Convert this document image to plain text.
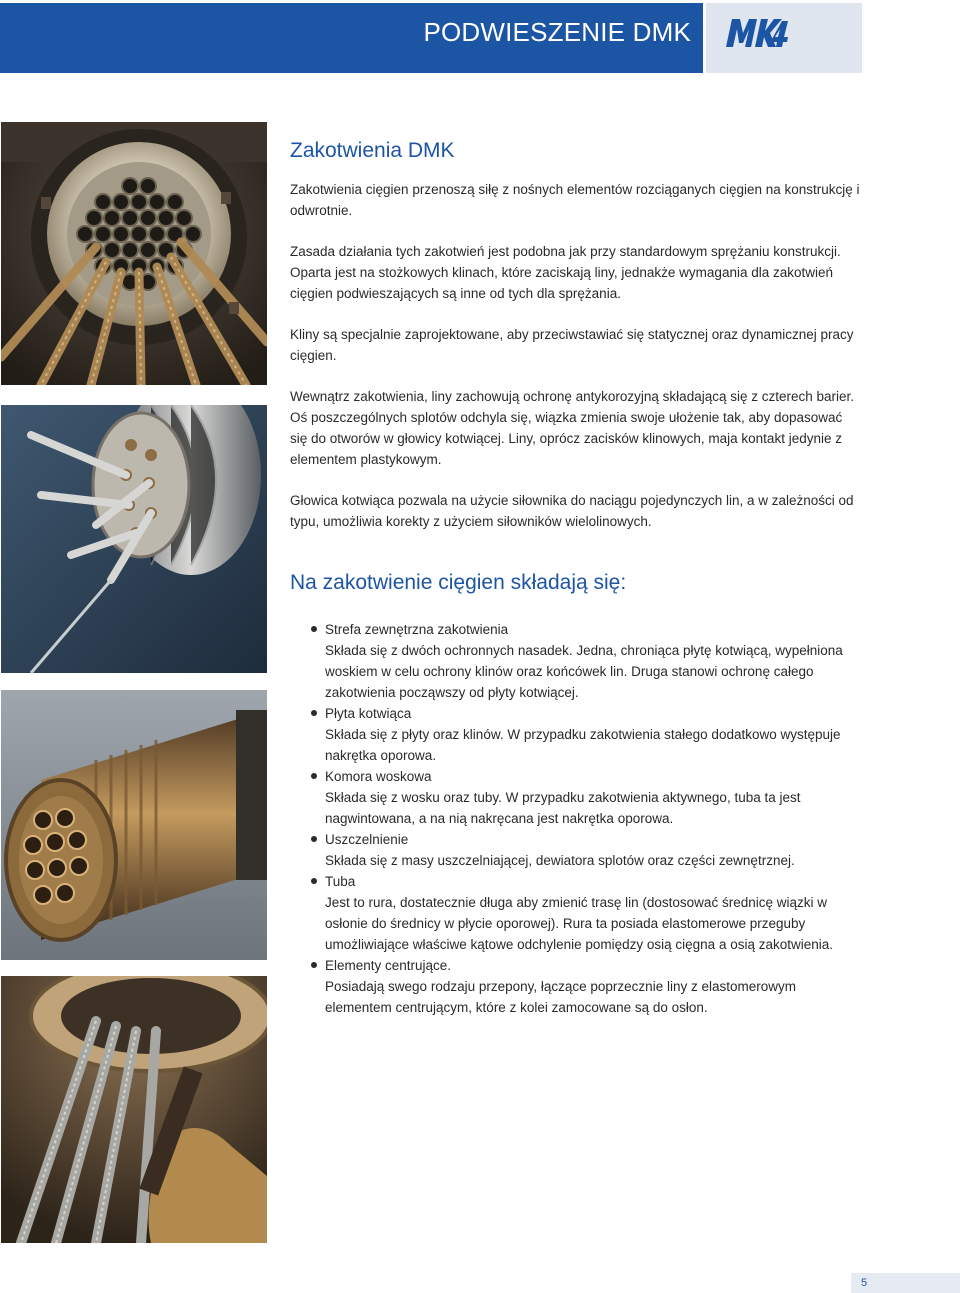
PODWIESZENIE DMK
Zakotwienia DMK

Zakotwienia cięgien przenoszą siłę z nośnych elementów rozciąganych cięgien na konstrukcję i odwrotnie.

Zasada działania tych zakotwień jest podobna jak przy standardowym sprężaniu konstrukcji. Oparta jest na stożkowych klinach, które zaciskają liny, jednakże wymagania dla zakotwień cięgien podwieszających są inne od tych dla sprężania.

Kliny są specjalnie zaprojektowane, aby przeciwstawiać się statycznej oraz dynamicznej pracy cięgien.

Wewnątrz zakotwienia, liny zachowują ochronę antykorozyjną składającą się z czterech barier. Oś poszczególnych splotów odchyla się, wiązka zmienia swoje ułożenie tak, aby dopasować się do otworów w głowicy kotwiącej. Liny, oprócz zacisków klinowych, maja kontakt jedynie z elementem plastykowym.

Głowica kotwiąca pozwala na użycie siłownika do naciągu pojedynczych lin, a w zależności od typu, umożliwia korekty z użyciem siłowników wielolinowych.

Na zakotwienie cięgien składają się:
Strefa zewnętrzna zakotwienia
Składa się z dwóch ochronnych nasadek. Jedna, chroniąca płytę kotwiącą, wypełniona woskiem w celu ochrony klinów oraz końcówek lin. Druga stanowi ochronę całego zakotwienia począwszy od płyty kotwiącej.
Płyta kotwiąca
Składa się z płyty oraz klinów. W przypadku zakotwienia stałego dodatkowo występuje nakrętka oporowa.
Komora woskowa
Składa się z wosku oraz tuby. W przypadku zakotwienia aktywnego, tuba ta jest nagwintowana, a na nią nakręcana jest nakrętka oporowa.
Uszczelnienie
Składa się z masy uszczelniającej, dewiatora splotów oraz części zewnętrznej.
Tuba
Jest to rura, dostatecznie długa aby zmienić trasę lin (dostosować średnicę wiązki w osłonie do średnicy w płycie oporowej). Rura ta posiada elastomerowe przeguby umożliwiające właściwe kątowe odchylenie pomiędzy osią cięgna a osią zakotwienia.
Elementy centrujące.
Posiadają swego rodzaju przepony, łączące poprzecznie liny z elastomerowym elementem centrującym, które z kolei zamocowane są do osłon.
5
